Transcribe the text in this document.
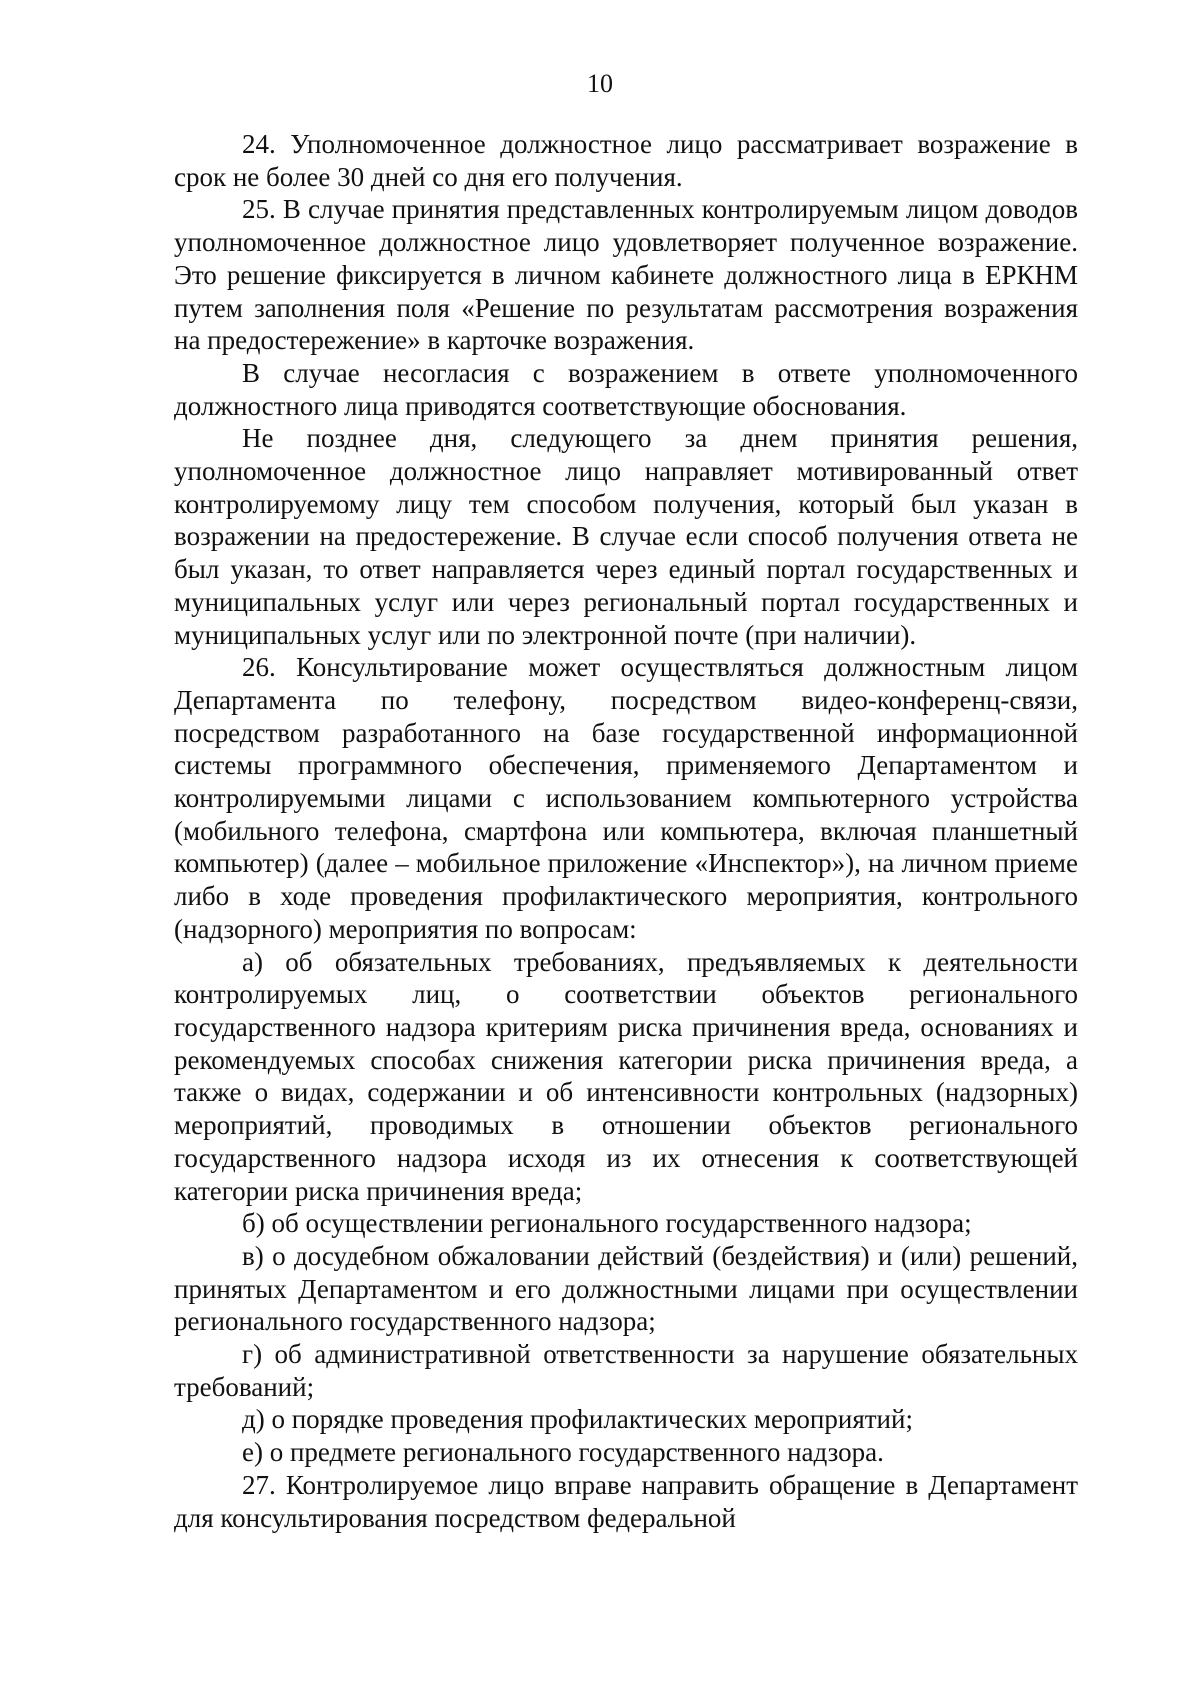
10

24. Уполномоченное должностное лицо рассматривает возражение в срок не более 30 дней со дня его получения.

25. В случае принятия представленных контролируемым лицом доводов уполномоченное должностное лицо удовлетворяет полученное возражение. Это решение фиксируется в личном кабинете должностного лица в ЕРКНМ путем заполнения поля «Решение по результатам рассмотрения возражения на предостережение» в карточке возражения.

В случае несогласия с возражением в ответе уполномоченного должностного лица приводятся соответствующие обоснования.

Не позднее дня, следующего за днем принятия решения, уполномоченное должностное лицо направляет мотивированный ответ контролируемому лицу тем способом получения, который был указан в возражении на предостережение. В случае если способ получения ответа не был указан, то ответ направляется через единый портал государственных и муниципальных услуг или через региональный портал государственных и муниципальных услуг или по электронной почте (при наличии).

26. Консультирование может осуществляться должностным лицом Департамента по телефону, посредством видео-конференц-связи, посредством разработанного на базе государственной информационной системы программного обеспечения, применяемого Департаментом и контролируемыми лицами с использованием компьютерного устройства (мобильного телефона, смартфона или компьютера, включая планшетный компьютер) (далее – мобильное приложение «Инспектор»), на личном приеме либо в ходе проведения профилактического мероприятия, контрольного (надзорного) мероприятия по вопросам:

а) об обязательных требованиях, предъявляемых к деятельности контролируемых лиц, о соответствии объектов регионального государственного надзора критериям риска причинения вреда, основаниях и рекомендуемых способах снижения категории риска причинения вреда, а также о видах, содержании и об интенсивности контрольных (надзорных) мероприятий, проводимых в отношении объектов регионального государственного надзора исходя из их отнесения к соответствующей категории риска причинения вреда;

б) об осуществлении регионального государственного надзора;

в) о досудебном обжаловании действий (бездействия) и (или) решений, принятых Департаментом и его должностными лицами при осуществлении регионального государственного надзора;

г) об административной ответственности за нарушение обязательных требований;

д) о порядке проведения профилактических мероприятий;

е) о предмете регионального государственного надзора.

27. Контролируемое лицо вправе направить обращение в Департамент для консультирования посредством федеральной
